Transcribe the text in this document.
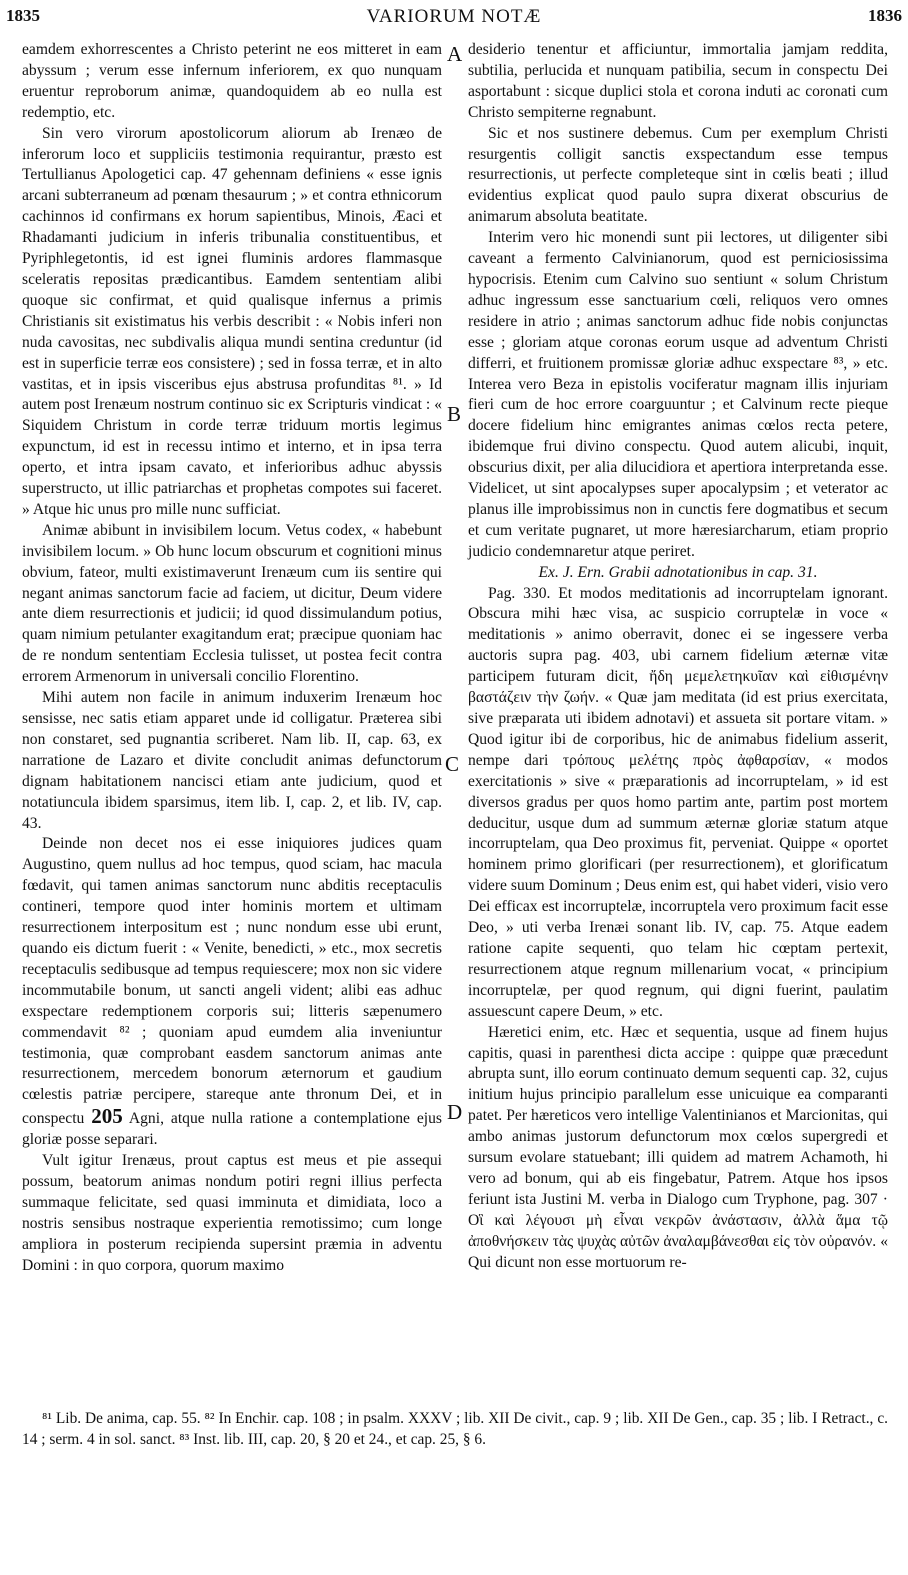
1835	VARIORUM NOTÆ	1836
A
B
C
D

eamdem exhorrescentes a Christo peterint ne eos mitteret in eam abyssum ; verum esse infernum inferiorem, ex quo nunquam eruentur reproborum animæ, quandoquidem ab eo nulla est redemptio, etc.

Sin vero virorum apostolicorum aliorum ab Irenæo de inferorum loco et suppliciis testimonia requirantur, præsto est Tertullianus Apologetici cap. 47 gehennam definiens « esse ignis arcani subterraneum ad pœnam thesaurum ; » et contra ethnicorum cachinnos id confirmans ex horum sapientibus, Minois, Æaci et Rhadamanti judicium in inferis tribunalia constituentibus, et Pyriphlegetontis, id est ignei fluminis ardores flammasque sceleratis repositas prædicantibus. Eamdem sententiam alibi quoque sic confirmat, et quid qualisque infernus a primis Christianis sit existimatus his verbis describit : « Nobis inferi non nuda cavositas, nec subdivalis aliqua mundi sentina creduntur (id est in superficie terræ eos consistere) ; sed in fossa terræ, et in alto vastitas, et in ipsis visceribus ejus abstrusa profunditas ⁸¹. » Id autem post Irenæum nostrum continuo sic ex Scripturis vindicat : « Siquidem Christum in corde terræ triduum mortis legimus expunctum, id est in recessu intimo et interno, et in ipsa terra operto, et intra ipsam cavato, et inferioribus adhuc abyssis superstructo, ut illic patriarchas et prophetas compotes sui faceret. » Atque hic unus pro mille nunc sufficiat.

Animæ abibunt in invisibilem locum. Vetus codex, « habebunt invisibilem locum. » Ob hunc locum obscurum et cognitioni minus obvium, fateor, multi existimaverunt Irenæum cum iis sentire qui negant animas sanctorum facie ad faciem, ut dicitur, Deum videre ante diem resurrectionis et judicii; id quod dissimulandum potius, quam nimium petulanter exagitandum erat; præcipue quoniam hac de re nondum sententiam Ecclesia tulisset, ut postea fecit contra errorem Armenorum in universali concilio Florentino.

Mihi autem non facile in animum induxerim Irenæum hoc sensisse, nec satis etiam apparet unde id colligatur. Præterea sibi non constaret, sed pugnantia scriberet. Nam lib. II, cap. 63, ex narratione de Lazaro et divite concludit animas defunctorum dignam habitationem nancisci etiam ante judicium, quod et notatiuncula ibidem sparsimus, item lib. I, cap. 2, et lib. IV, cap. 43.

Deinde non decet nos ei esse iniquiores judices quam Augustino, quem nullus ad hoc tempus, quod sciam, hac macula fœdavit, qui tamen animas sanctorum nunc abditis receptaculis contineri, tempore quod inter hominis mortem et ultimam resurrectionem interpositum est ; nunc nondum esse ubi erunt, quando eis dictum fuerit : « Venite, benedicti, » etc., mox secretis receptaculis sedibusque ad tempus requiescere; mox non sic videre incommutabile bonum, ut sancti angeli vident; alibi eas adhuc exspectare redemptionem corporis sui; litteris sæpenumero commendavit ⁸² ; quoniam apud eumdem alia inveniuntur testimonia, quæ comprobant easdem sanctorum animas ante resurrectionem, mercedem bonorum æternorum et gaudium cœlestis patriæ percipere, stareque ante thronum Dei, et in conspectu 205 Agni, atque nulla ratione a contemplatione ejus gloriæ posse separari.

Vult igitur Irenæus, prout captus est meus et pie assequi possum, beatorum animas nondum potiri regni illius perfecta summaque felicitate, sed quasi imminuta et dimidiata, loco a nostris sensibus nostraque experientia remotissimo; cum longe ampliora in posterum recipienda supersint præmia in adventu Domini : in quo corpora, quorum maximo

desiderio tenentur et afficiuntur, immortalia jamjam reddita, subtilia, perlucida et nunquam patibilia, secum in conspectu Dei asportabunt : sicque duplici stola et corona induti ac coronati cum Christo sempiterne regnabunt.

Sic et nos sustinere debemus. Cum per exemplum Christi resurgentis colligit sanctis exspectandum esse tempus resurrectionis, ut perfecte completeque sint in cœlis beati ; illud evidentius explicat quod paulo supra dixerat obscurius de animarum absoluta beatitate.

Interim vero hic monendi sunt pii lectores, ut diligenter sibi caveant a fermento Calvinianorum, quod est perniciosissima hypocrisis. Etenim cum Calvino suo sentiunt « solum Christum adhuc ingressum esse sanctuarium cœli, reliquos vero omnes residere in atrio ; animas sanctorum adhuc fide nobis conjunctas esse ; gloriam atque coronas eorum usque ad adventum Christi differri, et fruitionem promissæ gloriæ adhuc exspectare ⁸³, » etc. Interea vero Beza in epistolis vociferatur magnam illis injuriam fieri cum de hoc errore coarguuntur ; et Calvinum recte pieque docere fidelium hinc emigrantes animas cœlos recta petere, ibidemque frui divino conspectu. Quod autem alicubi, inquit, obscurius dixit, per alia dilucidiora et apertiora interpretanda esse. Videlicet, ut sint apocalypses super apocalypsim ; et veterator ac planus ille improbissimus non in cunctis fere dogmatibus et secum et cum veritate pugnaret, ut more hæresiarcharum, etiam proprio judicio condemnaretur atque periret.

Ex. J. Ern. Grabii adnotationibus in cap. 31.

Pag. 330. Et modos meditationis ad incorruptelam ignorant. Obscura mihi hæc visa, ac suspicio corruptelæ in voce « meditationis » animo oberravit, donec ei se ingessere verba auctoris supra pag. 403, ubi carnem fidelium æternæ vitæ participem futuram dicit, ἤδη μεμελετηκυῖαν καὶ εἰθισμένην βαστάζειν τὴν ζωήν. « Quæ jam meditata (id est prius exercitata, sive præparata uti ibidem adnotavi) et assueta sit portare vitam. » Quod igitur ibi de corporibus, hic de animabus fidelium asserit, nempe dari τρόπους μελέτης πρὸς ἀφθαρσίαν, « modos exercitationis » sive « præparationis ad incorruptelam, » id est diversos gradus per quos homo partim ante, partim post mortem deducitur, usque dum ad summum æternæ gloriæ statum atque incorruptelam, qua Deo proximus fit, perveniat. Quippe « oportet hominem primo glorificari (per resurrectionem), et glorificatum videre suum Dominum ; Deus enim est, qui habet videri, visio vero Dei efficax est incorruptelæ, incorruptela vero proximum facit esse Deo, » uti verba Irenæi sonant lib. IV, cap. 75. Atque eadem ratione capite sequenti, quo telam hic cœptam pertexit, resurrectionem atque regnum millenarium vocat, « principium incorruptelæ, per quod regnum, qui digni fuerint, paulatim assuescunt capere Deum, » etc.

Hæretici enim, etc. Hæc et sequentia, usque ad finem hujus capitis, quasi in parenthesi dicta accipe : quippe quæ præcedunt abrupta sunt, illo eorum continuato demum sequenti cap. 32, cujus initium hujus principio parallelum esse unicuique ea comparanti patet. Per hæreticos vero intellige Valentinianos et Marcionitas, qui ambo animas justorum defunctorum mox cœlos supergredi et sursum evolare statuebant; illi quidem ad matrem Achamoth, hi vero ad bonum, qui ab eis fingebatur, Patrem. Atque hos ipsos feriunt ista Justini M. verba in Dialogo cum Tryphone, pag. 307 · Οἳ καὶ λέγουσι μὴ εἶναι νεκρῶν ἀνάστασιν, ἀλλὰ ἅμα τῷ ἀποθνήσκειν τὰς ψυχὰς αὐτῶν ἀναλαμβάνεσθαι εἰς τὸν οὐρανόν. « Qui dicunt non esse mortuorum re-

⁸¹ Lib. De anima, cap. 55. ⁸² In Enchir. cap. 108 ; in psalm. XXXV ; lib. XII De civit., cap. 9 ; lib. XII De Gen., cap. 35 ; lib. I Retract., c. 14 ; serm. 4 in sol. sanct. ⁸³ Inst. lib. III, cap. 20, § 20 et 24., et cap. 25, § 6.
